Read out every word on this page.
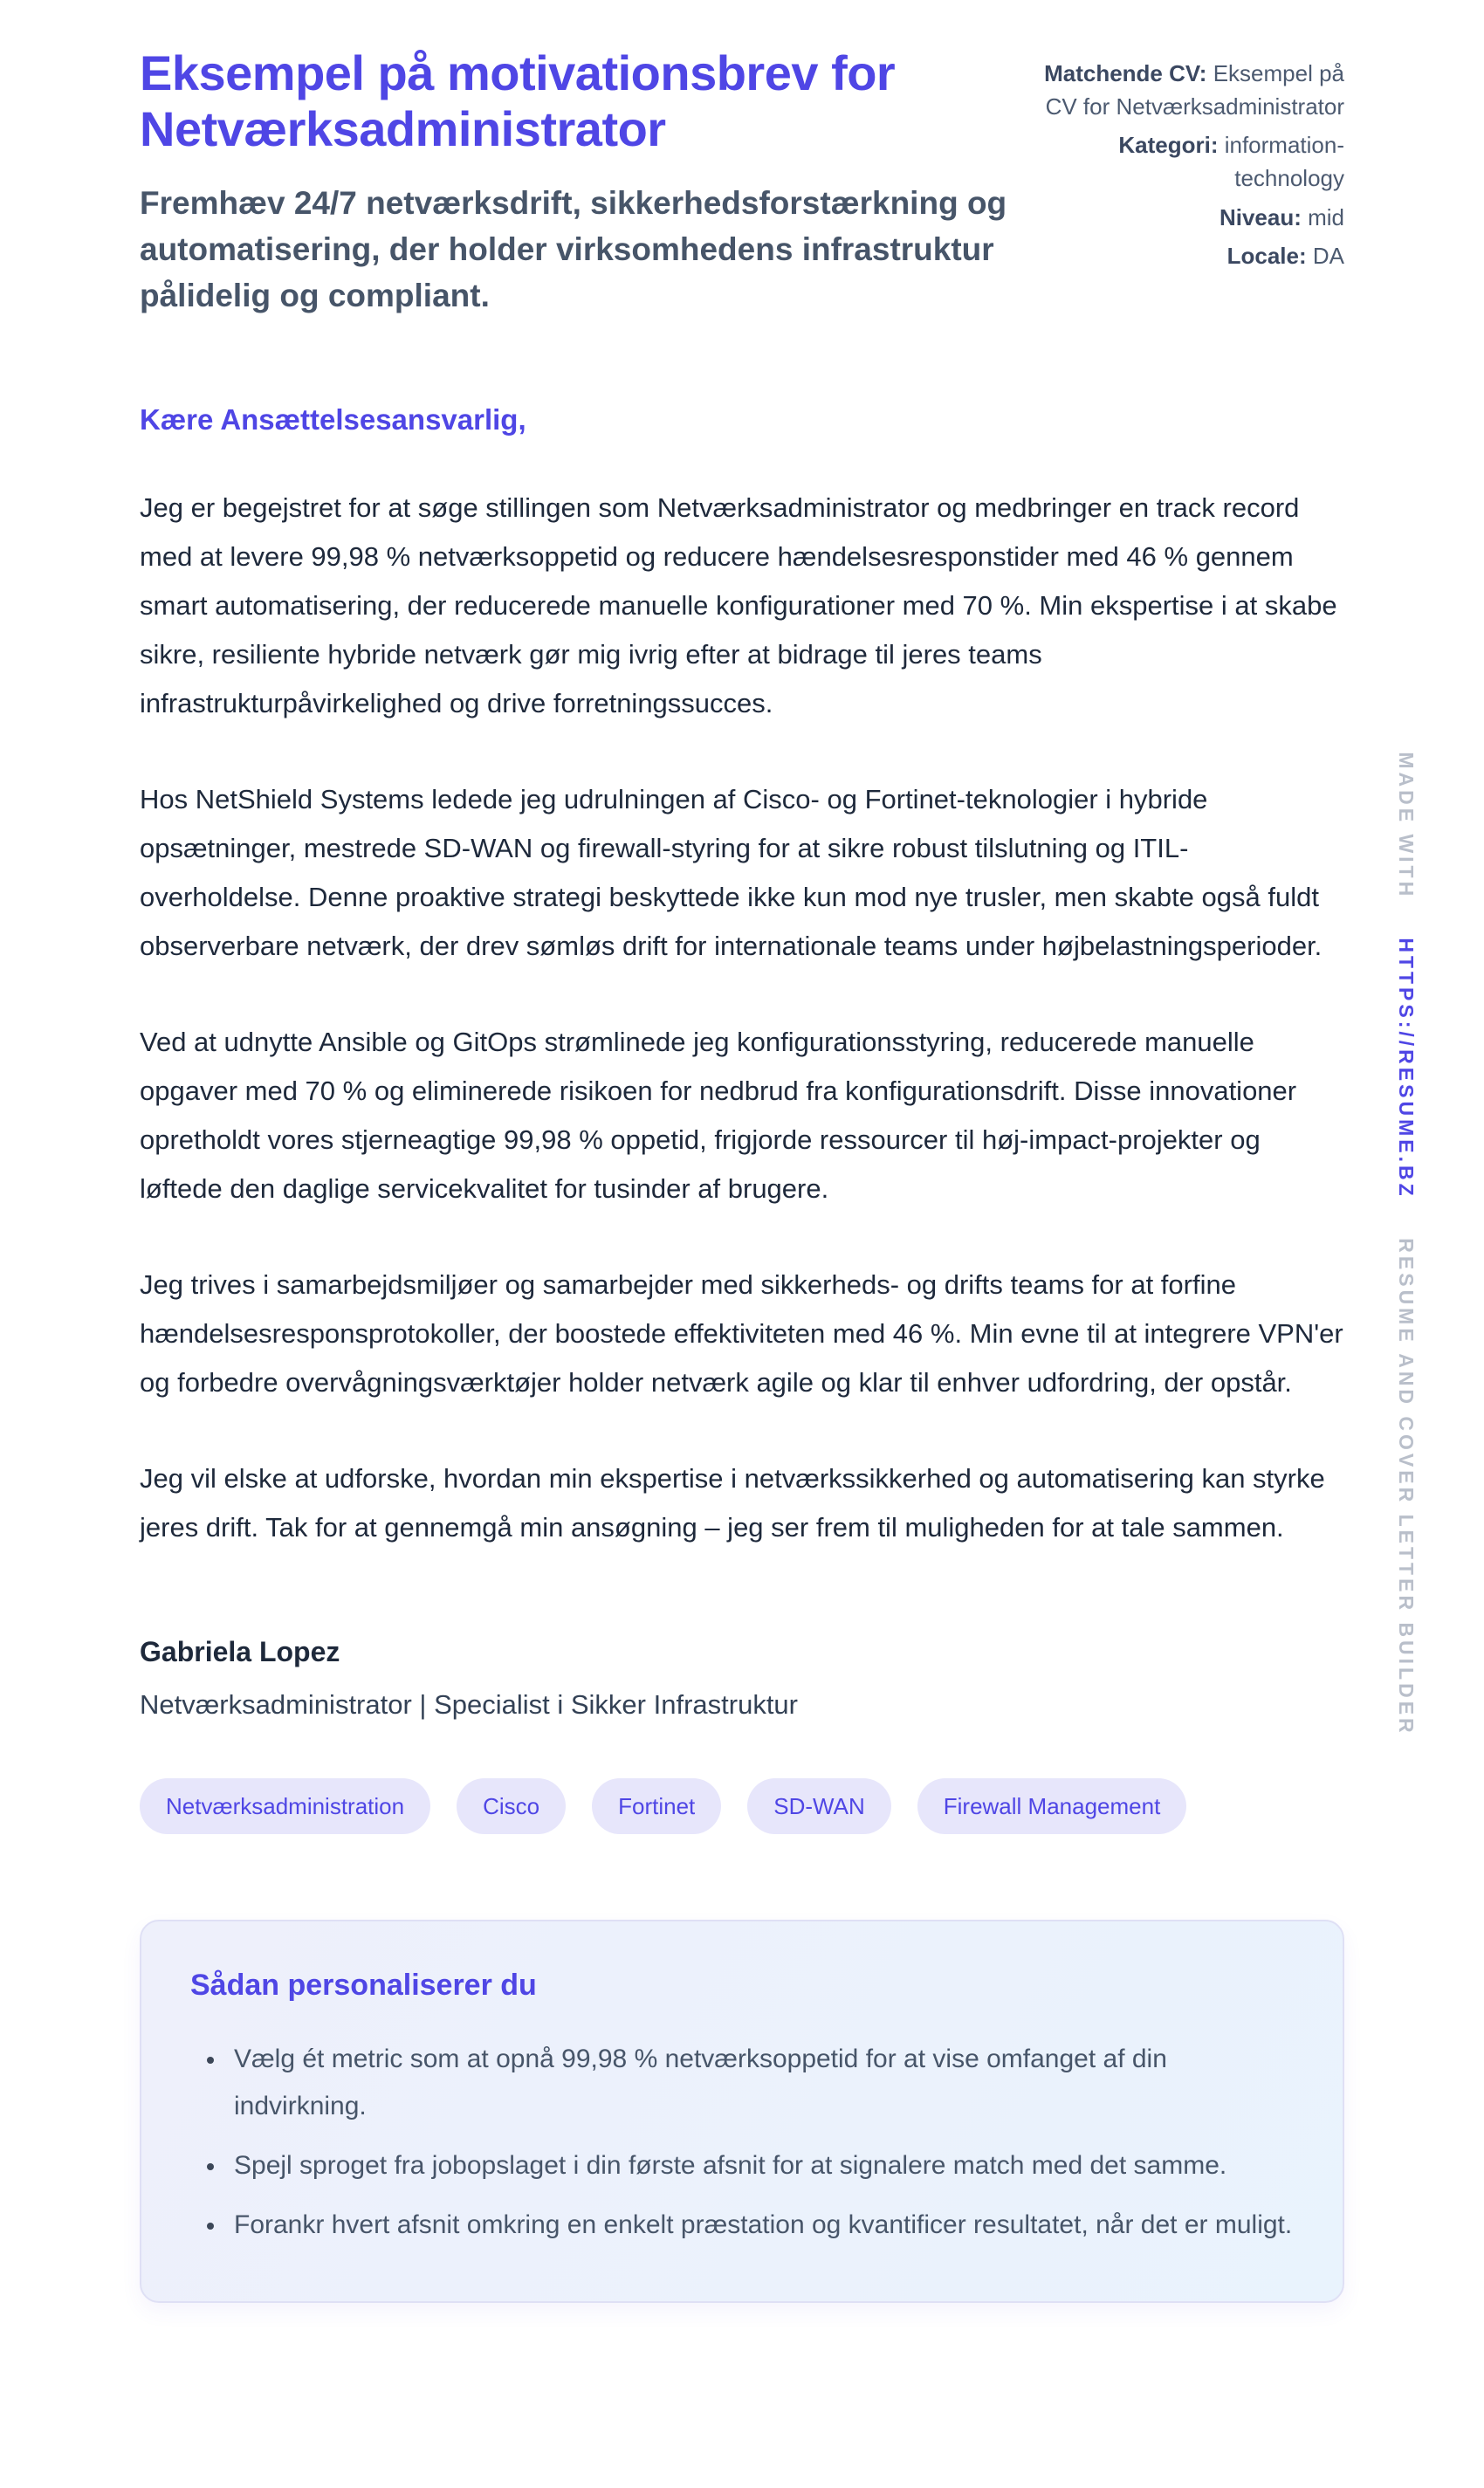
Eksempel på motivationsbrev for Netværksadministrator

Fremhæv 24/7 netværksdrift, sikkerhedsforstærkning og automatisering, der holder virksomhedens infrastruktur pålidelig og compliant.

Matchende CV: Eksempel på CV for Netværksadministrator
Kategori: information-technology
Niveau: mid
Locale: DA

Kære Ansættelsesansvarlig,

Jeg er begejstret for at søge stillingen som Netværksadministrator og medbringer en track record med at levere 99,98 % netværksoppetid og reducere hændelsesresponstider med 46 % gennem smart automatisering, der reducerede manuelle konfigurationer med 70 %. Min ekspertise i at skabe sikre, resiliente hybride netværk gør mig ivrig efter at bidrage til jeres teams infrastrukturpåvirkelighed og drive forretningssucces.

Hos NetShield Systems ledede jeg udrulningen af Cisco- og Fortinet-teknologier i hybride opsætninger, mestrede SD-WAN og firewall-styring for at sikre robust tilslutning og ITIL-overholdelse. Denne proaktive strategi beskyttede ikke kun mod nye trusler, men skabte også fuldt observerbare netværk, der drev sømløs drift for internationale teams under højbelastningsperioder.

Ved at udnytte Ansible og GitOps strømlinede jeg konfigurationsstyring, reducerede manuelle opgaver med 70 % og eliminerede risikoen for nedbrud fra konfigurationsdrift. Disse innovationer opretholdt vores stjerneagtige 99,98 % oppetid, frigjorde ressourcer til høj-impact-projekter og løftede den daglige servicekvalitet for tusinder af brugere.

Jeg trives i samarbejdsmiljøer og samarbejder med sikkerheds- og drifts teams for at forfine hændelsesresponsprotokoller, der boostede effektiviteten med 46 %. Min evne til at integrere VPN'er og forbedre overvågningsværktøjer holder netværk agile og klar til enhver udfordring, der opstår.

Jeg vil elske at udforske, hvordan min ekspertise i netværkssikkerhed og automatisering kan styrke jeres drift. Tak for at gennemgå min ansøgning – jeg ser frem til muligheden for at tale sammen.

Gabriela Lopez

Netværksadministrator | Specialist i Sikker Infrastruktur

Netværksadministration	Cisco	Fortinet	SD-WAN	Firewall Management
Sådan personaliserer du
• Vælg ét metric som at opnå 99,98 % netværksoppetid for at vise omfanget af din indvirkning.
• Spejl sproget fra jobopslaget i din første afsnit for at signalere match med det samme.
• Forankr hvert afsnit omkring en enkelt præstation og kvantificer resultatet, når det er muligt.
MADE WITH HTTPS://RESUME.BZ RESUME AND COVER LETTER BUILDER
